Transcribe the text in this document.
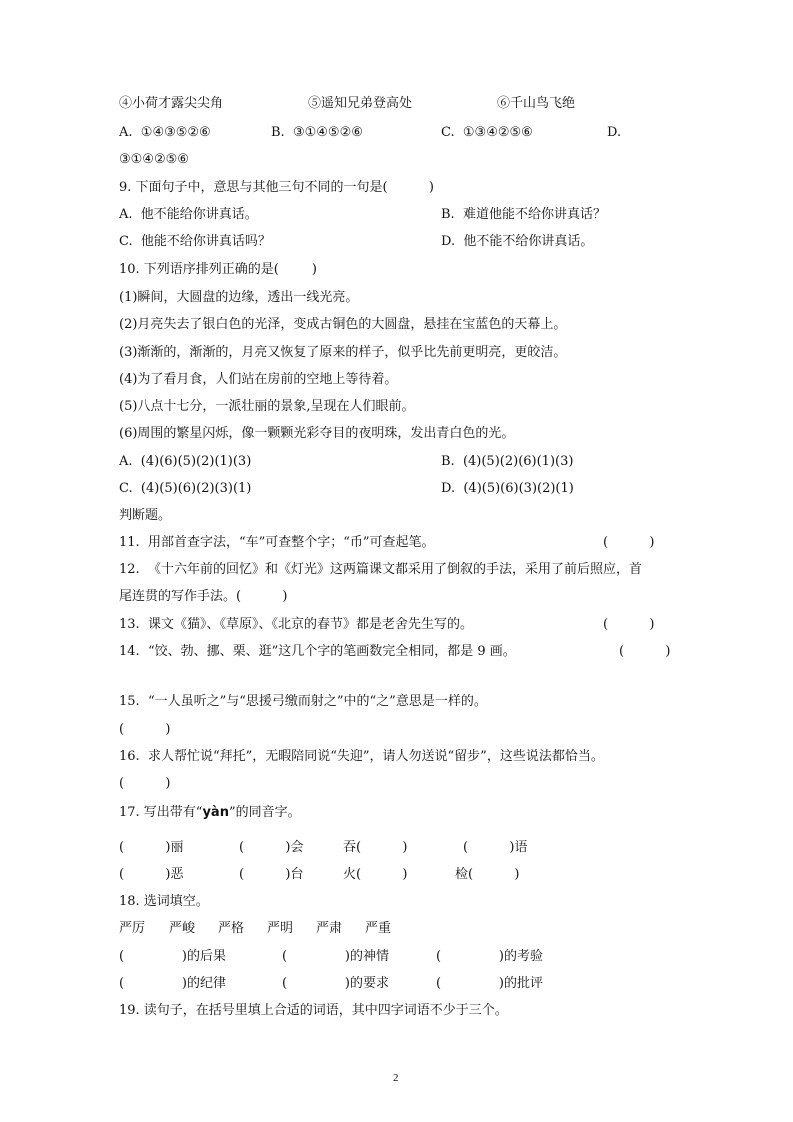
④小荷才露尖尖角	⑤遥知兄弟登高处	⑥千山鸟飞绝
A.  ①④③⑤②⑥	B.  ③①④⑤②⑥	C.  ①③④②⑤⑥	D.
③①④②⑤⑥
9. 下面句子中，意思与其他三句不同的一句是(          )
A.  他不能给你讲真话。	B.  难道他能不给你讲真话？
C.  他能不给你讲真话吗？	D.  他不能不给你讲真话。
10. 下列语序排列正确的是(        )
(1)瞬间，大圆盘的边缘，透出一线光亮。
(2)月亮失去了银白色的光泽，变成古铜色的大圆盘，悬挂在宝蓝色的天幕上。
(3)渐渐的，渐渐的，月亮又恢复了原来的样子，似乎比先前更明亮，更皎洁。
(4)为了看月食，人们站在房前的空地上等待着。
(5)八点十七分，一派壮丽的景象,呈现在人们眼前。
(6)周围的繁星闪烁，像一颗颗光彩夺目的夜明珠，发出青白色的光。
A.  (4)(6)(5)(2)(1)(3)	B.  (4)(5)(2)(6)(1)(3)
C.  (4)(5)(6)(2)(3)(1)	D.  (4)(5)(6)(3)(2)(1)
判断题。
11.  用部首查字法，“车”可查整个字；“币”可查起笔。	(          )
12.  《十六年前的回忆》和《灯光》这两篇课文都采用了倒叙的手法，采用了前后照应，首
尾连贯的写作手法。(          )
13.  课文《猫》、《草原》、《北京的春节》都是老舍先生写的。	(          )
14.  “饺、勃、挪、栗、逛”这几个字的笔画数完全相同，都是 9 画。	(          )
15.  “一人虽听之”与“思援弓缴而射之”中的“之”意思是一样的。
(          )
16.  求人帮忙说“拜托”，无暇陪同说“失迎”，请人勿送说“留步”，这些说法都恰当。
(          )
17. 写出带有“yàn”的同音字。
(          )丽	(          )会	吞(          )	(          )语
(          )恶	(          )台	火(          )	检(          )
18. 选词填空。
严厉 严峻 严格 严明 严肃 严重
(              )的后果	(              )的神情	(              )的考验
(              )的纪律	(              )的要求	(              )的批评
19. 读句子，在括号里填上合适的词语，其中四字词语不少于三个。
2
